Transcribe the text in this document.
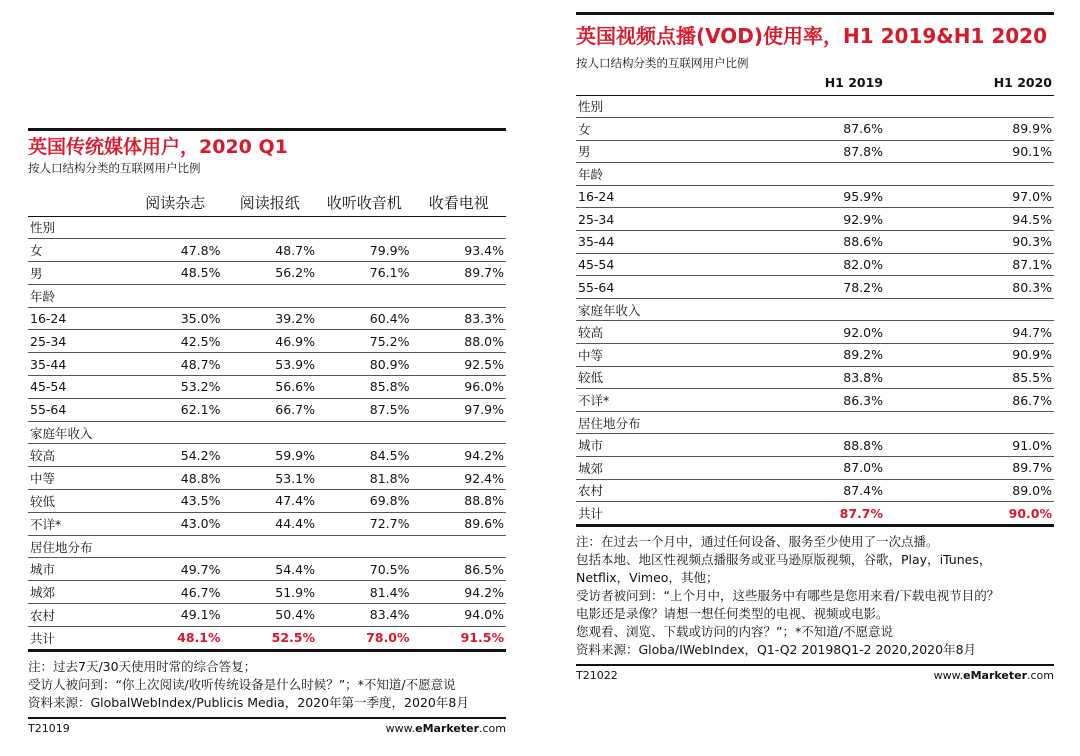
英国传统媒体用户，2020 Q1
按人口结构分类的互联网用户比例
	阅读杂志	阅读报纸	收听收音机	收看电视
性别				
女	47.8%	48.7%	79.9%	93.4%
男	48.5%	56.2%	76.1%	89.7%
年龄				
16-24	35.0%	39.2%	60.4%	83.3%
25-34	42.5%	46.9%	75.2%	88.0%
35-44	48.7%	53.9%	80.9%	92.5%
45-54	53.2%	56.6%	85.8%	96.0%
55-64	62.1%	66.7%	87.5%	97.9%
家庭年收入				
较高	54.2%	59.9%	84.5%	94.2%
中等	48.8%	53.1%	81.8%	92.4%
较低	43.5%	47.4%	69.8%	88.8%
不详*	43.0%	44.4%	72.7%	89.6%
居住地分布				
城市	49.7%	54.4%	70.5%	86.5%
城郊	46.7%	51.9%	81.4%	94.2%
农村	49.1%	50.4%	83.4%	94.0%
共计	48.1%	52.5%	78.0%	91.5%
注：过去7天/30天使用时常的综合答复；
受访人被问到：“你上次阅读/收听传统设备是什么时候？”；*不知道/不愿意说
资料来源：GlobalWebIndex/Publicis Media，2020年第一季度，2020年8月
T21019	www.eMarketer.com
英国视频点播(VOD)使用率，H1 2019&H1 2020
按人口结构分类的互联网用户比例
	H1 2019	H1 2020
性别		
女	87.6%	89.9%
男	87.8%	90.1%
年龄		
16-24	95.9%	97.0%
25-34	92.9%	94.5%
35-44	88.6%	90.3%
45-54	82.0%	87.1%
55-64	78.2%	80.3%
家庭年收入		
较高	92.0%	94.7%
中等	89.2%	90.9%
较低	83.8%	85.5%
不详*	86.3%	86.7%
居住地分布		
城市	88.8%	91.0%
城郊	87.0%	89.7%
农村	87.4%	89.0%
共计	87.7%	90.0%
注：在过去一个月中，通过任何设备、服务至少使用了一次点播。
包括本地、地区性视频点播服务或亚马逊原版视频，谷歌，Play，iTunes，
Netflix，Vimeo，其他；
受访者被问到：“上个月中，这些服务中有哪些是您用来看/下载电视节目的？
电影还是录像？请想一想任何类型的电视、视频或电影。
您观看、浏览、下载或访问的内容？”；*不知道/不愿意说
资料来源：Globa/IWebIndex，Q1-Q2 20198Q1-2 2020,2020年8月
T21022	www.eMarketer.com
